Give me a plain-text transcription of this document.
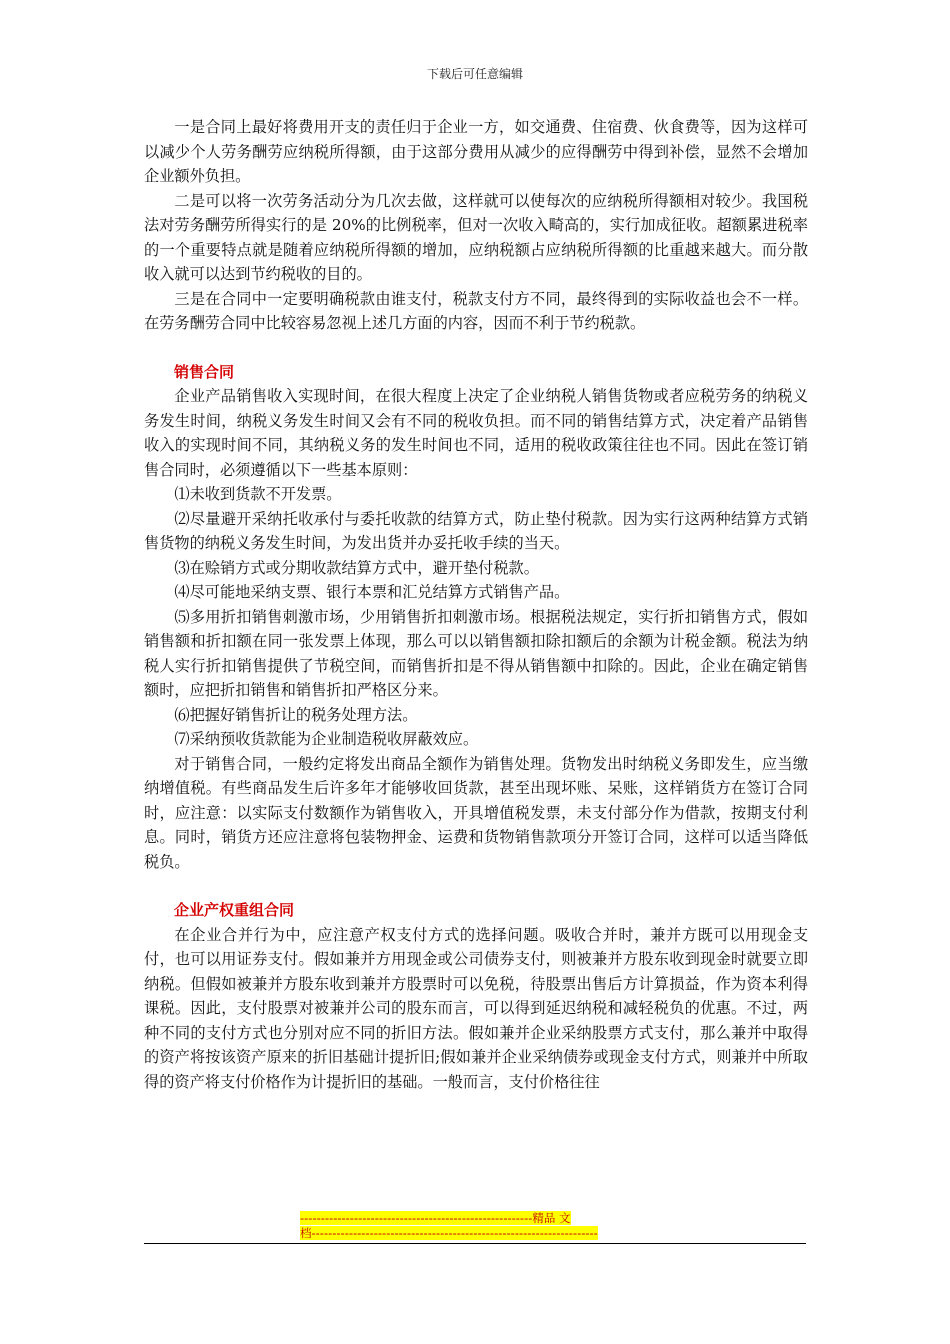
下载后可任意编辑

一是合同上最好将费用开支的责任归于企业一方，如交通费、住宿费、伙食费等，因为这样可以减少个人劳务酬劳应纳税所得额，由于这部分费用从减少的应得酬劳中得到补偿，显然不会增加企业额外负担。

二是可以将一次劳务活动分为几次去做，这样就可以使每次的应纳税所得额相对较少。我国税法对劳务酬劳所得实行的是 20%的比例税率，但对一次收入畸高的，实行加成征收。超额累进税率的一个重要特点就是随着应纳税所得额的增加，应纳税额占应纳税所得额的比重越来越大。而分散收入就可以达到节约税收的目的。

三是在合同中一定要明确税款由谁支付，税款支付方不同，最终得到的实际收益也会不一样。在劳务酬劳合同中比较容易忽视上述几方面的内容，因而不利于节约税款。

销售合同

企业产品销售收入实现时间，在很大程度上决定了企业纳税人销售货物或者应税劳务的纳税义务发生时间，纳税义务发生时间又会有不同的税收负担。而不同的销售结算方式，决定着产品销售收入的实现时间不同，其纳税义务的发生时间也不同，适用的税收政策往往也不同。因此在签订销售合同时，必须遵循以下一些基本原则：

⑴未收到货款不开发票。

⑵尽量避开采纳托收承付与委托收款的结算方式，防止垫付税款。因为实行这两种结算方式销售货物的纳税义务发生时间，为发出货并办妥托收手续的当天。

⑶在赊销方式或分期收款结算方式中，避开垫付税款。

⑷尽可能地采纳支票、银行本票和汇兑结算方式销售产品。

⑸多用折扣销售刺激市场，少用销售折扣刺激市场。根据税法规定，实行折扣销售方式，假如销售额和折扣额在同一张发票上体现，那么可以以销售额扣除扣额后的余额为计税金额。税法为纳税人实行折扣销售提供了节税空间，而销售折扣是不得从销售额中扣除的。因此，企业在确定销售额时，应把折扣销售和销售折扣严格区分来。

⑹把握好销售折让的税务处理方法。

⑺采纳预收货款能为企业制造税收屏蔽效应。

对于销售合同，一般约定将发出商品全额作为销售处理。货物发出时纳税义务即发生，应当缴纳增值税。有些商品发生后许多年才能够收回货款，甚至出现坏账、呆账，这样销货方在签订合同时，应注意：以实际支付数额作为销售收入，开具增值税发票，未支付部分作为借款，按期支付利息。同时，销货方还应注意将包装物押金、运费和货物销售款项分开签订合同，这样可以适当降低税负。

企业产权重组合同

在企业合并行为中，应注意产权支付方式的选择问题。吸收合并时，兼并方既可以用现金支付，也可以用证券支付。假如兼并方用现金或公司债券支付，则被兼并方股东收到现金时就要立即纳税。但假如被兼并方股东收到兼并方股票时可以免税，待股票出售后方计算损益，作为资本利得课税。因此，支付股票对被兼并公司的股东而言，可以得到延迟纳税和减轻税负的优惠。不过，两种不同的支付方式也分别对应不同的折旧方法。假如兼并企业采纳股票方式支付，那么兼并中取得的资产将按该资产原来的折旧基础计提折旧;假如兼并企业采纳债券或现金支付方式，则兼并中所取得的资产将支付价格作为计提折旧的基础。一般而言，支付价格往往

--------------------------------------------------------精品 文
档---------------------------------------------------------------------
